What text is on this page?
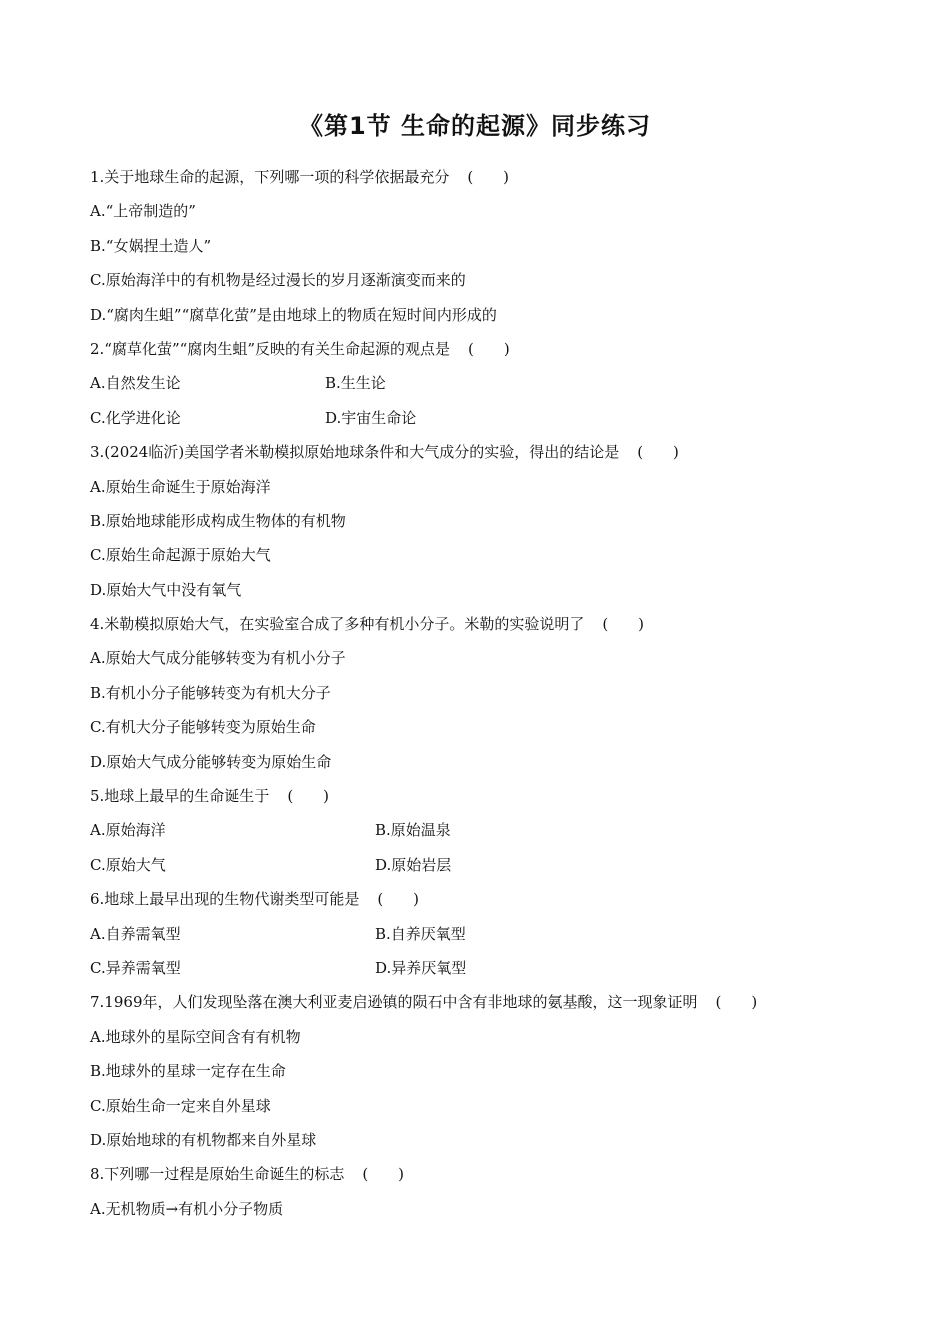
《第1节 生命的起源》同步练习
1.关于地球生命的起源，下列哪一项的科学依据最充分 (　　)
A.“上帝制造的”
B.“女娲捏土造人”
C.原始海洋中的有机物是经过漫长的岁月逐渐演变而来的
D.“腐肉生蛆”“腐草化萤”是由地球上的物质在短时间内形成的
2.“腐草化萤”“腐肉生蛆”反映的有关生命起源的观点是 (　　)
A.自然发生论	B.生生论
C.化学进化论	D.宇宙生命论
3.(2024临沂)美国学者米勒模拟原始地球条件和大气成分的实验，得出的结论是 (　　)
A.原始生命诞生于原始海洋
B.原始地球能形成构成生物体的有机物
C.原始生命起源于原始大气
D.原始大气中没有氧气
4.米勒模拟原始大气，在实验室合成了多种有机小分子。米勒的实验说明了 (　　)
A.原始大气成分能够转变为有机小分子
B.有机小分子能够转变为有机大分子
C.有机大分子能够转变为原始生命
D.原始大气成分能够转变为原始生命
5.地球上最早的生命诞生于 (　　)
A.原始海洋	B.原始温泉
C.原始大气	D.原始岩层
6.地球上最早出现的生物代谢类型可能是 (　　)
A.自养需氧型	B.自养厌氧型
C.异养需氧型	D.异养厌氧型
7.1969年，人们发现坠落在澳大利亚麦启逊镇的陨石中含有非地球的氨基酸，这一现象证明 (　　)
A.地球外的星际空间含有有机物
B.地球外的星球一定存在生命
C.原始生命一定来自外星球
D.原始地球的有机物都来自外星球
8.下列哪一过程是原始生命诞生的标志 (　　)
A.无机物质→有机小分子物质
